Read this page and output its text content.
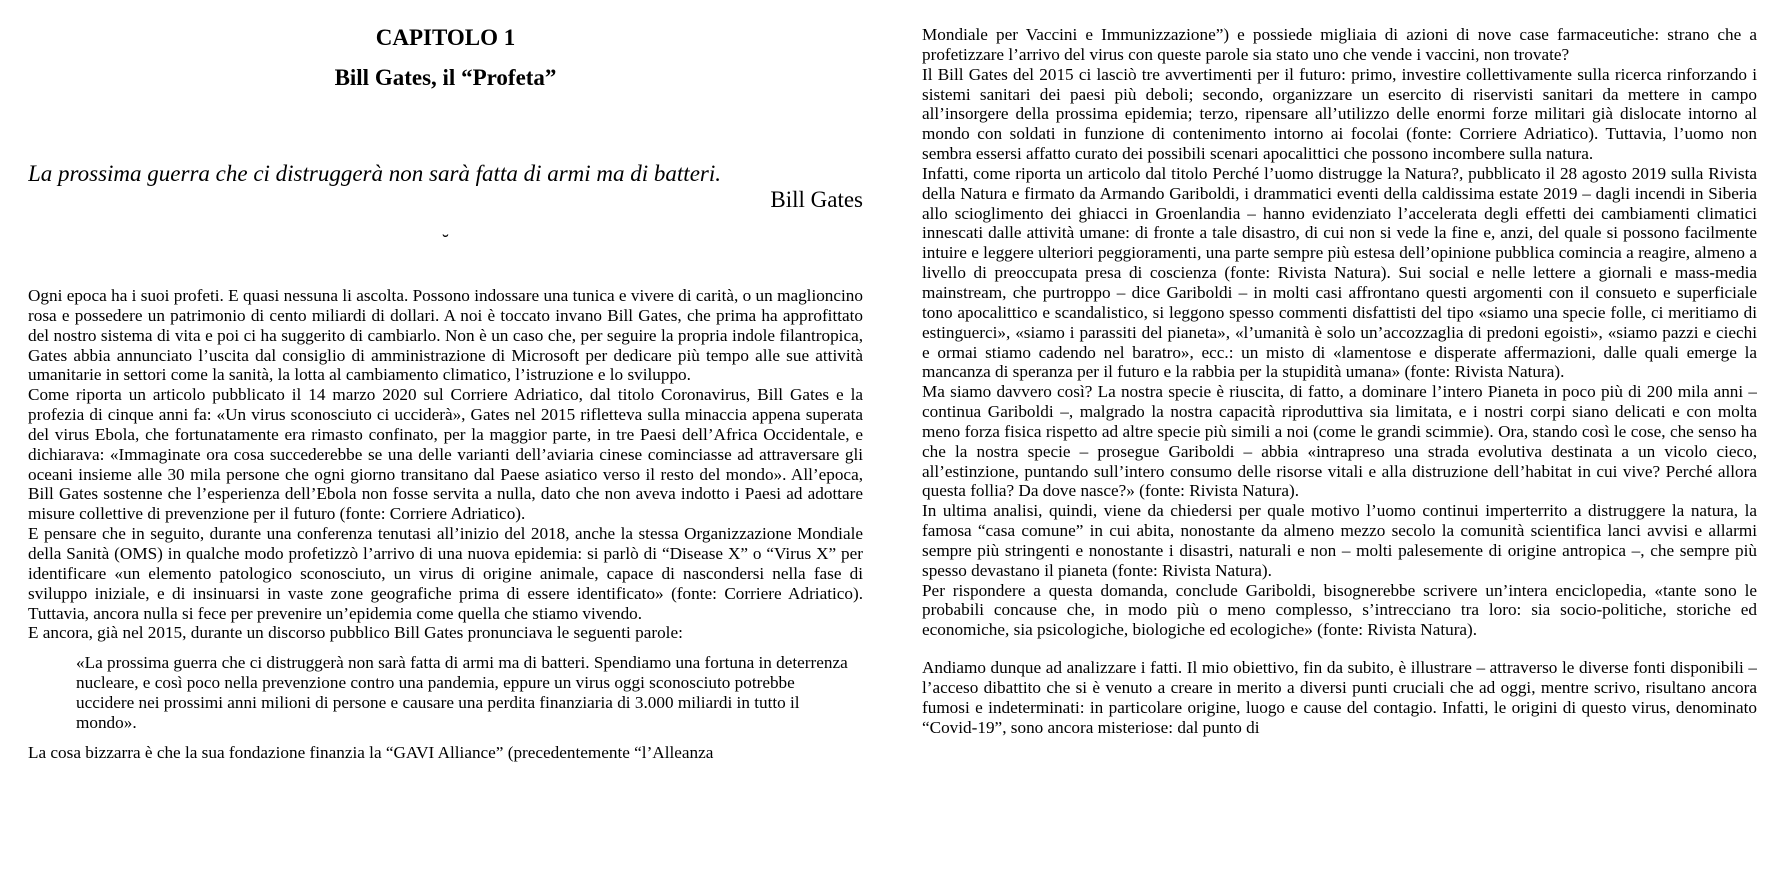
CAPITOLO 1
Bill Gates, il “Profeta”
La prossima guerra che ci distruggerà non sarà fatta di armi ma di batteri.
Bill Gates
˘

Ogni epoca ha i suoi profeti. E quasi nessuna li ascolta. Possono indossare una tunica e vivere di carità, o un maglioncino rosa e possedere un patrimonio di cento miliardi di dollari. A noi è toccato invano Bill Gates, che prima ha approfittato del nostro sistema di vita e poi ci ha suggerito di cambiarlo. Non è un caso che, per seguire la propria indole filantropica, Gates abbia annunciato l’uscita dal consiglio di amministrazione di Microsoft per dedicare più tempo alle sue attività umanitarie in settori come la sanità, la lotta al cambiamento climatico, l’istruzione e lo sviluppo.

Come riporta un articolo pubblicato il 14 marzo 2020 sul Corriere Adriatico, dal titolo Coronavirus, Bill Gates e la profezia di cinque anni fa: «Un virus sconosciuto ci ucciderà», Gates nel 2015 rifletteva sulla minaccia appena superata del virus Ebola, che fortunatamente era rimasto confinato, per la maggior parte, in tre Paesi dell’Africa Occidentale, e dichiarava: «Immaginate ora cosa succederebbe se una delle varianti dell’aviaria cinese cominciasse ad attraversare gli oceani insieme alle 30 mila persone che ogni giorno transitano dal Paese asiatico verso il resto del mondo». All’epoca, Bill Gates sostenne che l’esperienza dell’Ebola non fosse servita a nulla, dato che non aveva indotto i Paesi ad adottare misure collettive di prevenzione per il futuro (fonte: Corriere Adriatico).

E pensare che in seguito, durante una conferenza tenutasi all’inizio del 2018, anche la stessa Organizzazione Mondiale della Sanità (OMS) in qualche modo profetizzò l’arrivo di una nuova epidemia: si parlò di “Disease X” o “Virus X” per identificare «un elemento patologico sconosciuto, un virus di origine animale, capace di nascondersi nella fase di sviluppo iniziale, e di insinuarsi in vaste zone geografiche prima di essere identificato» (fonte: Corriere Adriatico). Tuttavia, ancora nulla si fece per prevenire un’epidemia come quella che stiamo vivendo.

E ancora, già nel 2015, durante un discorso pubblico Bill Gates pronunciava le seguenti parole:

«La prossima guerra che ci distruggerà non sarà fatta di armi ma di batteri. Spendiamo una fortuna in deterrenza nucleare, e così poco nella prevenzione contro una pandemia, eppure un virus oggi sconosciuto potrebbe uccidere nei prossimi anni milioni di persone e causare una perdita finanziaria di 3.000 miliardi in tutto il mondo».

La cosa bizzarra è che la sua fondazione finanzia la “GAVI Alliance” (precedentemente “l’Alleanza

Mondiale per Vaccini e Immunizzazione”) e possiede migliaia di azioni di nove case farmaceutiche: strano che a profetizzare l’arrivo del virus con queste parole sia stato uno che vende i vaccini, non trovate?

Il Bill Gates del 2015 ci lasciò tre avvertimenti per il futuro: primo, investire collettivamente sulla ricerca rinforzando i sistemi sanitari dei paesi più deboli; secondo, organizzare un esercito di riservisti sanitari da mettere in campo all’insorgere della prossima epidemia; terzo, ripensare all’utilizzo delle enormi forze militari già dislocate intorno al mondo con soldati in funzione di contenimento intorno ai focolai (fonte: Corriere Adriatico). Tuttavia, l’uomo non sembra essersi affatto curato dei possibili scenari apocalittici che possono incombere sulla natura.

Infatti, come riporta un articolo dal titolo Perché l’uomo distrugge la Natura?, pubblicato il 28 agosto 2019 sulla Rivista della Natura e firmato da Armando Gariboldi, i drammatici eventi della caldissima estate 2019 – dagli incendi in Siberia allo scioglimento dei ghiacci in Groenlandia – hanno evidenziato l’accelerata degli effetti dei cambiamenti climatici innescati dalle attività umane: di fronte a tale disastro, di cui non si vede la fine e, anzi, del quale si possono facilmente intuire e leggere ulteriori peggioramenti, una parte sempre più estesa dell’opinione pubblica comincia a reagire, almeno a livello di preoccupata presa di coscienza (fonte: Rivista Natura). Sui social e nelle lettere a giornali e mass-media mainstream, che purtroppo – dice Gariboldi – in molti casi affrontano questi argomenti con il consueto e superficiale tono apocalittico e scandalistico, si leggono spesso commenti disfattisti del tipo «siamo una specie folle, ci meritiamo di estinguerci», «siamo i parassiti del pianeta», «l’umanità è solo un’accozzaglia di predoni egoisti», «siamo pazzi e ciechi e ormai stiamo cadendo nel baratro», ecc.: un misto di «lamentose e disperate affermazioni, dalle quali emerge la mancanza di speranza per il futuro e la rabbia per la stupidità umana» (fonte: Rivista Natura).

Ma siamo davvero così? La nostra specie è riuscita, di fatto, a dominare l’intero Pianeta in poco più di 200 mila anni – continua Gariboldi –, malgrado la nostra capacità riproduttiva sia limitata, e i nostri corpi siano delicati e con molta meno forza fisica rispetto ad altre specie più simili a noi (come le grandi scimmie). Ora, stando così le cose, che senso ha che la nostra specie – prosegue Gariboldi – abbia «intrapreso una strada evolutiva destinata a un vicolo cieco, all’estinzione, puntando sull’intero consumo delle risorse vitali e alla distruzione dell’habitat in cui vive? Perché allora questa follia? Da dove nasce?» (fonte: Rivista Natura).

In ultima analisi, quindi, viene da chiedersi per quale motivo l’uomo continui imperterrito a distruggere la natura, la famosa “casa comune” in cui abita, nonostante da almeno mezzo secolo la comunità scientifica lanci avvisi e allarmi sempre più stringenti e nonostante i disastri, naturali e non – molti palesemente di origine antropica –, che sempre più spesso devastano il pianeta (fonte: Rivista Natura).

Per rispondere a questa domanda, conclude Gariboldi, bisognerebbe scrivere un’intera enciclopedia, «tante sono le probabili concause che, in modo più o meno complesso, s’intrecciano tra loro: sia socio-politiche, storiche ed economiche, sia psicologiche, biologiche ed ecologiche» (fonte: Rivista Natura).

Andiamo dunque ad analizzare i fatti. Il mio obiettivo, fin da subito, è illustrare – attraverso le diverse fonti disponibili – l’acceso dibattito che si è venuto a creare in merito a diversi punti cruciali che ad oggi, mentre scrivo, risultano ancora fumosi e indeterminati: in particolare origine, luogo e cause del contagio. Infatti, le origini di questo virus, denominato “Covid-19”, sono ancora misteriose: dal punto di
